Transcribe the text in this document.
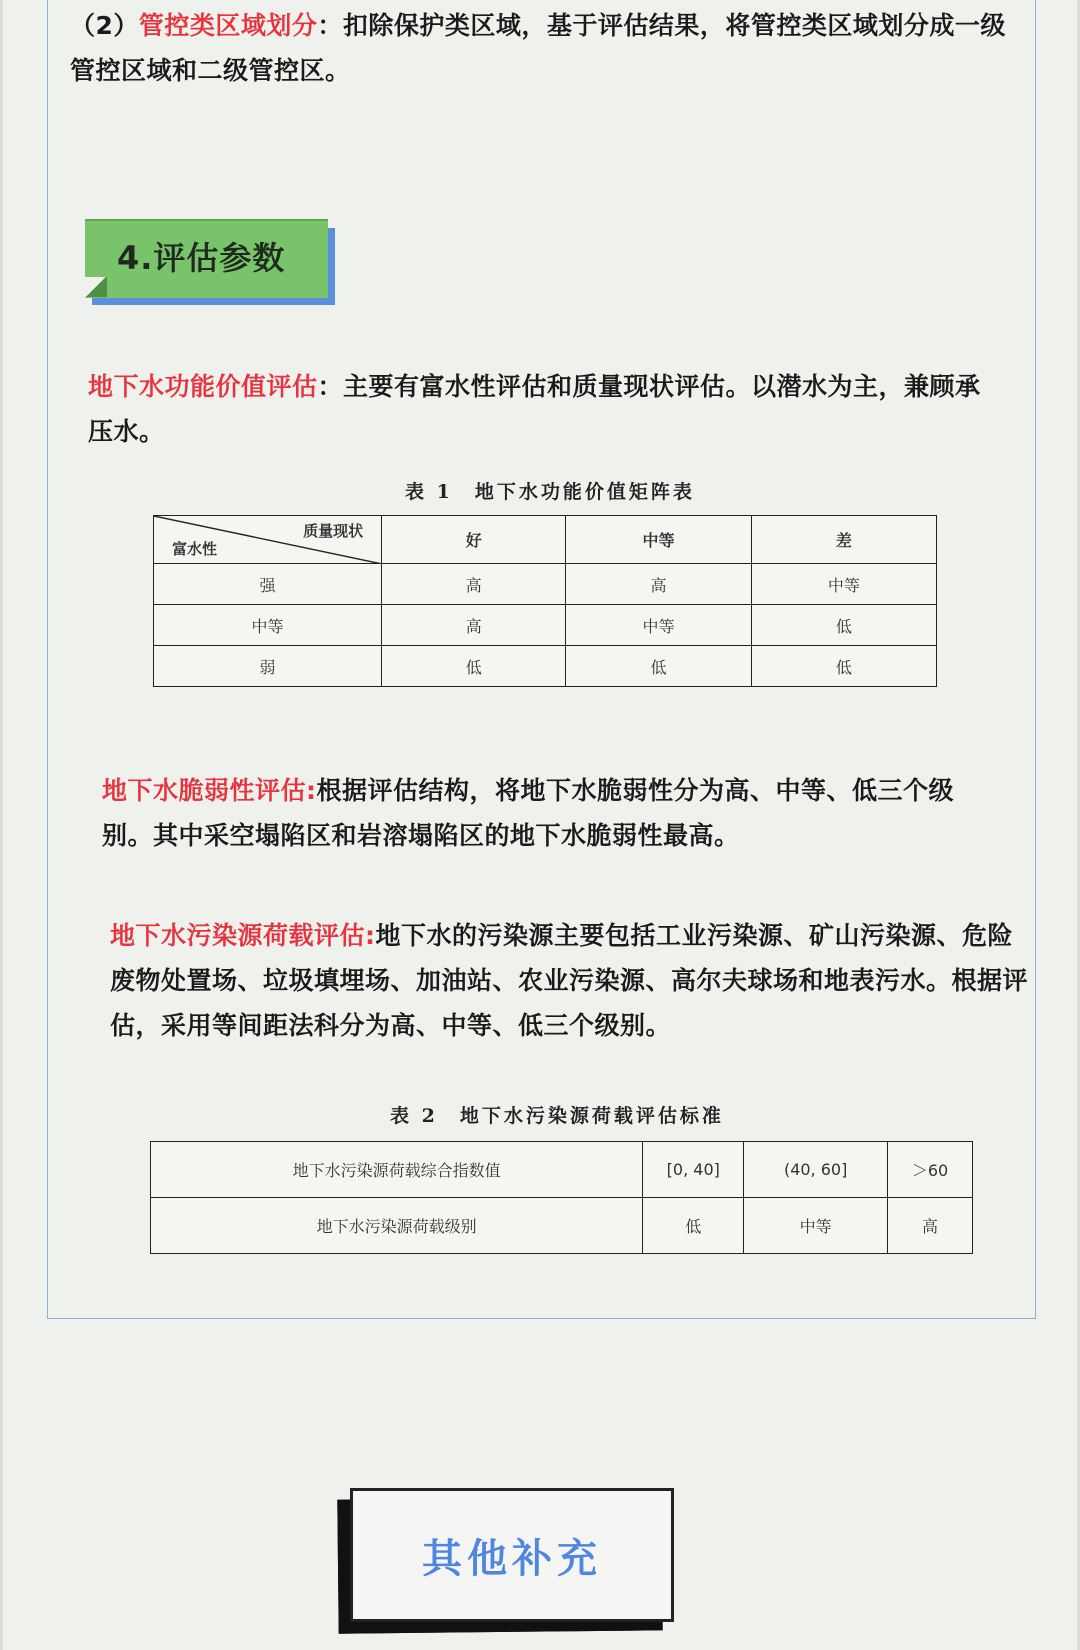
（2）管控类区域划分：扣除保护类区域，基于评估结果，将管控类区域划分成一级管控区域和二级管控区。

4.评估参数

地下水功能价值评估：主要有富水性评估和质量现状评估。以潜水为主，兼顾承压水。

表 1　地下水功能价值矩阵表

质量现状
富水性	好	中等	差
强	高	高	中等
中等	高	中等	低
弱	低	低	低

地下水脆弱性评估:根据评估结构，将地下水脆弱性分为高、中等、低三个级别。其中采空塌陷区和岩溶塌陷区的地下水脆弱性最高。

地下水污染源荷载评估:地下水的污染源主要包括工业污染源、矿山污染源、危险废物处置场、垃圾填埋场、加油站、农业污染源、高尔夫球场和地表污水。根据评估，采用等间距法科分为高、中等、低三个级别。

表 2　地下水污染源荷载评估标准

地下水污染源荷载综合指数值	[0, 40]	(40, 60]	＞60
地下水污染源荷载级别	低	中等	高
其他补充
